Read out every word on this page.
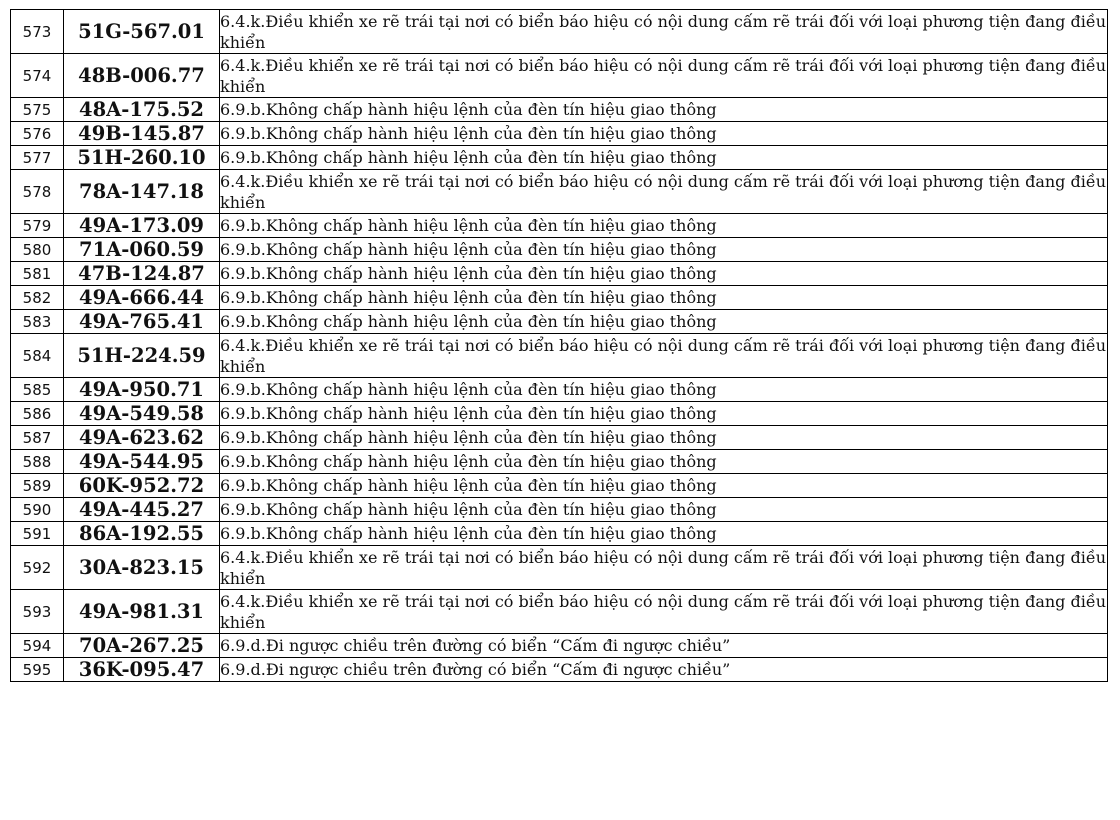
573	51G-567.01	6.4.k.Điều khiển xe rẽ trái tại nơi có biển báo hiệu có nội dung cấm rẽ trái đối với loại phương tiện đang điều khiển
574	48B-006.77	6.4.k.Điều khiển xe rẽ trái tại nơi có biển báo hiệu có nội dung cấm rẽ trái đối với loại phương tiện đang điều khiển
575	48A-175.52	6.9.b.Không chấp hành hiệu lệnh của đèn tín hiệu giao thông
576	49B-145.87	6.9.b.Không chấp hành hiệu lệnh của đèn tín hiệu giao thông
577	51H-260.10	6.9.b.Không chấp hành hiệu lệnh của đèn tín hiệu giao thông
578	78A-147.18	6.4.k.Điều khiển xe rẽ trái tại nơi có biển báo hiệu có nội dung cấm rẽ trái đối với loại phương tiện đang điều khiển
579	49A-173.09	6.9.b.Không chấp hành hiệu lệnh của đèn tín hiệu giao thông
580	71A-060.59	6.9.b.Không chấp hành hiệu lệnh của đèn tín hiệu giao thông
581	47B-124.87	6.9.b.Không chấp hành hiệu lệnh của đèn tín hiệu giao thông
582	49A-666.44	6.9.b.Không chấp hành hiệu lệnh của đèn tín hiệu giao thông
583	49A-765.41	6.9.b.Không chấp hành hiệu lệnh của đèn tín hiệu giao thông
584	51H-224.59	6.4.k.Điều khiển xe rẽ trái tại nơi có biển báo hiệu có nội dung cấm rẽ trái đối với loại phương tiện đang điều khiển
585	49A-950.71	6.9.b.Không chấp hành hiệu lệnh của đèn tín hiệu giao thông
586	49A-549.58	6.9.b.Không chấp hành hiệu lệnh của đèn tín hiệu giao thông
587	49A-623.62	6.9.b.Không chấp hành hiệu lệnh của đèn tín hiệu giao thông
588	49A-544.95	6.9.b.Không chấp hành hiệu lệnh của đèn tín hiệu giao thông
589	60K-952.72	6.9.b.Không chấp hành hiệu lệnh của đèn tín hiệu giao thông
590	49A-445.27	6.9.b.Không chấp hành hiệu lệnh của đèn tín hiệu giao thông
591	86A-192.55	6.9.b.Không chấp hành hiệu lệnh của đèn tín hiệu giao thông
592	30A-823.15	6.4.k.Điều khiển xe rẽ trái tại nơi có biển báo hiệu có nội dung cấm rẽ trái đối với loại phương tiện đang điều khiển
593	49A-981.31	6.4.k.Điều khiển xe rẽ trái tại nơi có biển báo hiệu có nội dung cấm rẽ trái đối với loại phương tiện đang điều khiển
594	70A-267.25	6.9.d.Đi ngược chiều trên đường có biển “Cấm đi ngược chiều”
595	36K-095.47	6.9.d.Đi ngược chiều trên đường có biển “Cấm đi ngược chiều”
